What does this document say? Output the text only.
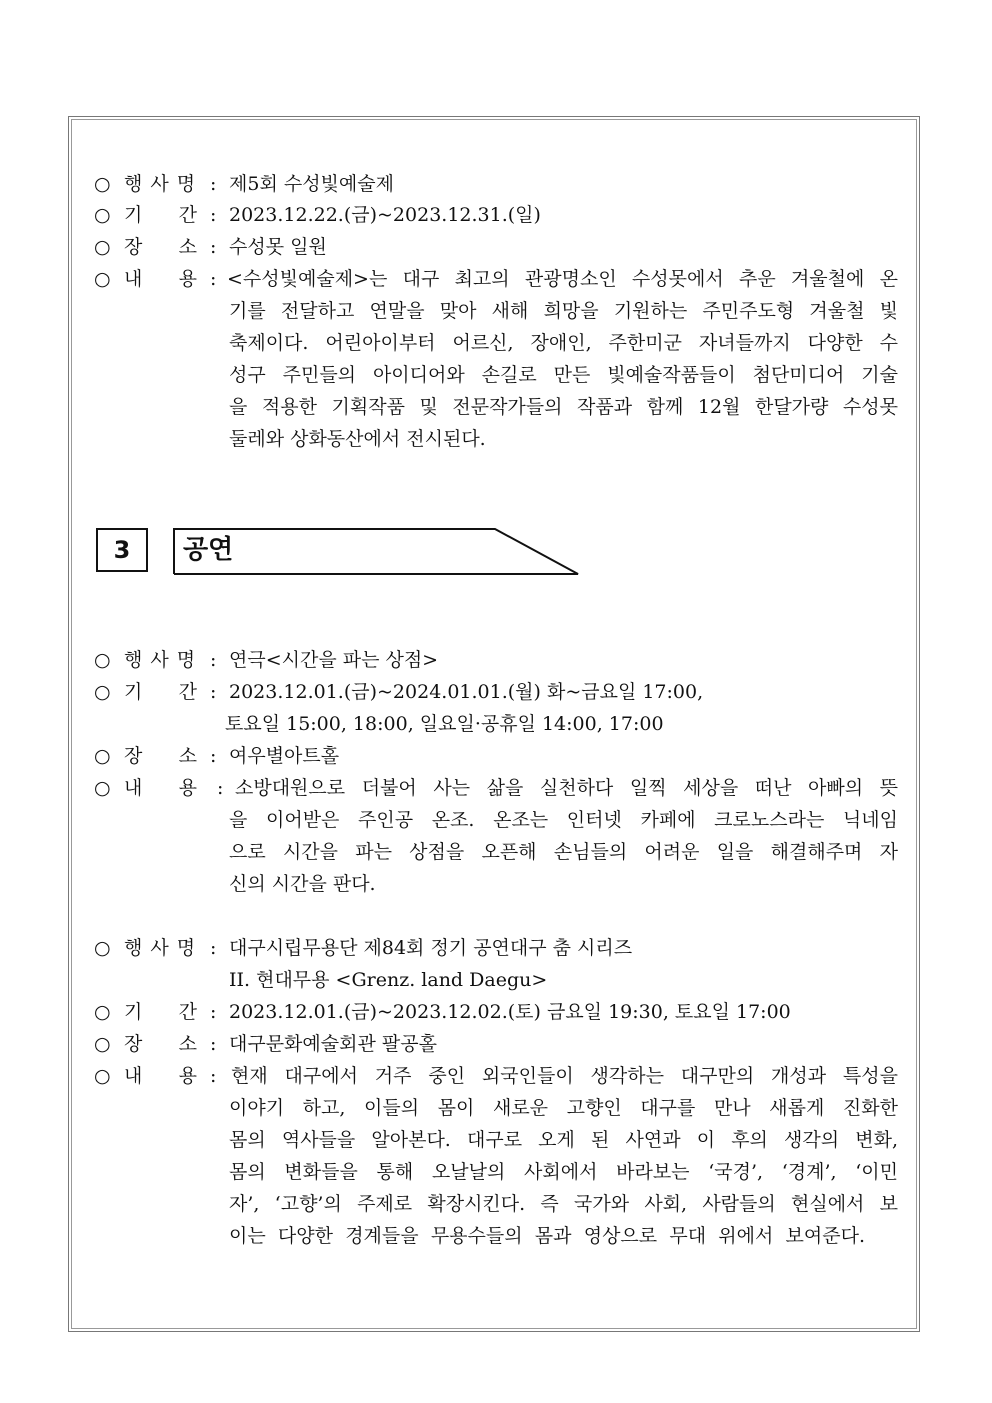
○ 행 사 명 : 제5회 수성빛예술제
○ 기      간 : 2023.12.22.(금)~2023.12.31.(일)
○ 장      소 : 수성못 일원
○ 내      용 : <수성빛예술제>는 대구 최고의 관광명소인 수성못에서 추운 겨울철에 온
기를 전달하고 연말을 맞아 새해 희망을 기원하는 주민주도형 겨울철 빛
축제이다. 어린아이부터 어르신, 장애인, 주한미군 자녀들까지 다양한 수
성구 주민들의 아이디어와 손길로 만든 빛예술작품들이 첨단미디어 기술
을 적용한 기획작품 및 전문작가들의 작품과 함께 12월 한달가량 수성못
둘레와 상화동산에서 전시된다.
3	공연
○ 행 사 명 : 연극<시간을 파는 상점>
○ 기      간 : 2023.12.01.(금)~2024.01.01.(월) 화~금요일 17:00,
토요일 15:00, 18:00, 일요일·공휴일 14:00, 17:00
○ 장      소 : 여우별아트홀
○ 내      용 : 소방대원으로 더불어 사는 삶을 실천하다 일찍 세상을 떠난 아빠의 뜻
을 이어받은 주인공 온조. 온조는 인터넷 카페에 크로노스라는 닉네임
으로 시간을 파는 상점을 오픈해 손님들의 어려운 일을 해결해주며 자
신의 시간을 판다.
○ 행 사 명 : 대구시립무용단 제84회 정기 공연대구 춤 시리즈
II. 현대무용 <Grenz. land Daegu>
○ 기      간 : 2023.12.01.(금)~2023.12.02.(토) 금요일 19:30, 토요일 17:00
○ 장      소 : 대구문화예술회관 팔공홀
○ 내      용 : 현재 대구에서 거주 중인 외국인들이 생각하는 대구만의 개성과 특성을
이야기 하고, 이들의 몸이 새로운 고향인 대구를 만나 새롭게 진화한
몸의 역사들을 알아본다. 대구로 오게 된 사연과 이 후의 생각의 변화,
몸의 변화들을 통해 오날날의 사회에서 바라보는 ‘국경’, ‘경계’, ‘이민
자’, ‘고향’의 주제로 확장시킨다. 즉 국가와 사회, 사람들의 현실에서 보
이는 다양한 경계들을 무용수들의 몸과 영상으로 무대 위에서 보여준다.
